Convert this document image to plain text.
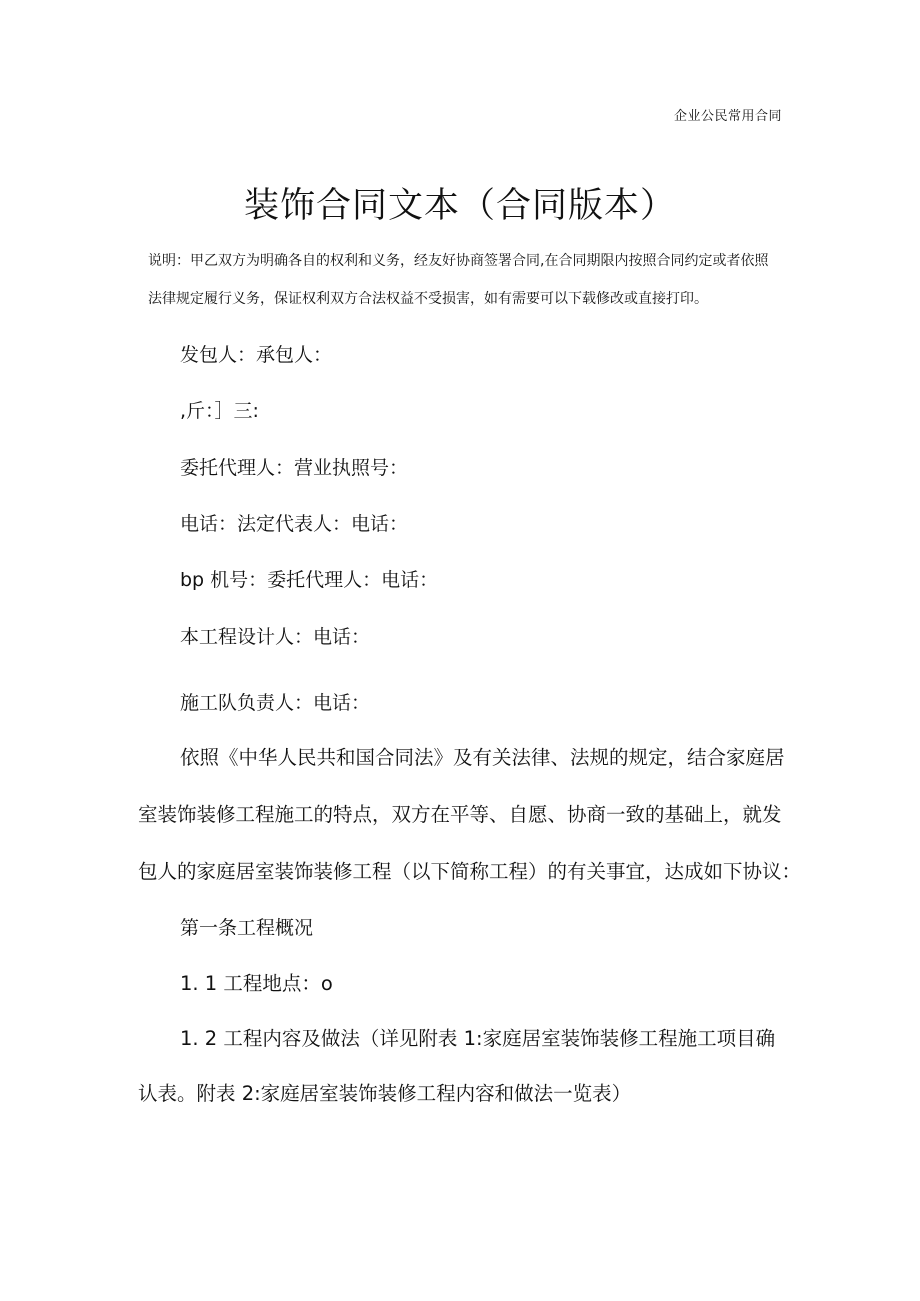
企业公民常用合同
装饰合同文本（合同版本）
说明：甲乙双方为明确各自的权利和义务，经友好协商签署合同,在合同期限内按照合同约定或者依照
法律规定履行义务，保证权利双方合法权益不受损害，如有需要可以下载修改或直接打印。
发包人：承包人：
,斤：］三:
委托代理人：营业执照号：
电话：法定代表人：电话：
bp 机号：委托代理人：电话：
本工程设计人：电话：
施工队负责人：电话：
依照《中华人民共和国合同法》及有关法律、法规的规定，结合家庭居
室装饰装修工程施工的特点，双方在平等、自愿、协商一致的基础上，就发
包人的家庭居室装饰装修工程（以下简称工程）的有关事宜，达成如下协议：
第一条工程概况
1. 1 工程地点：o
1. 2 工程内容及做法（详见附表 1:家庭居室装饰装修工程施工项目确
认表。附表 2:家庭居室装饰装修工程内容和做法一览表）
